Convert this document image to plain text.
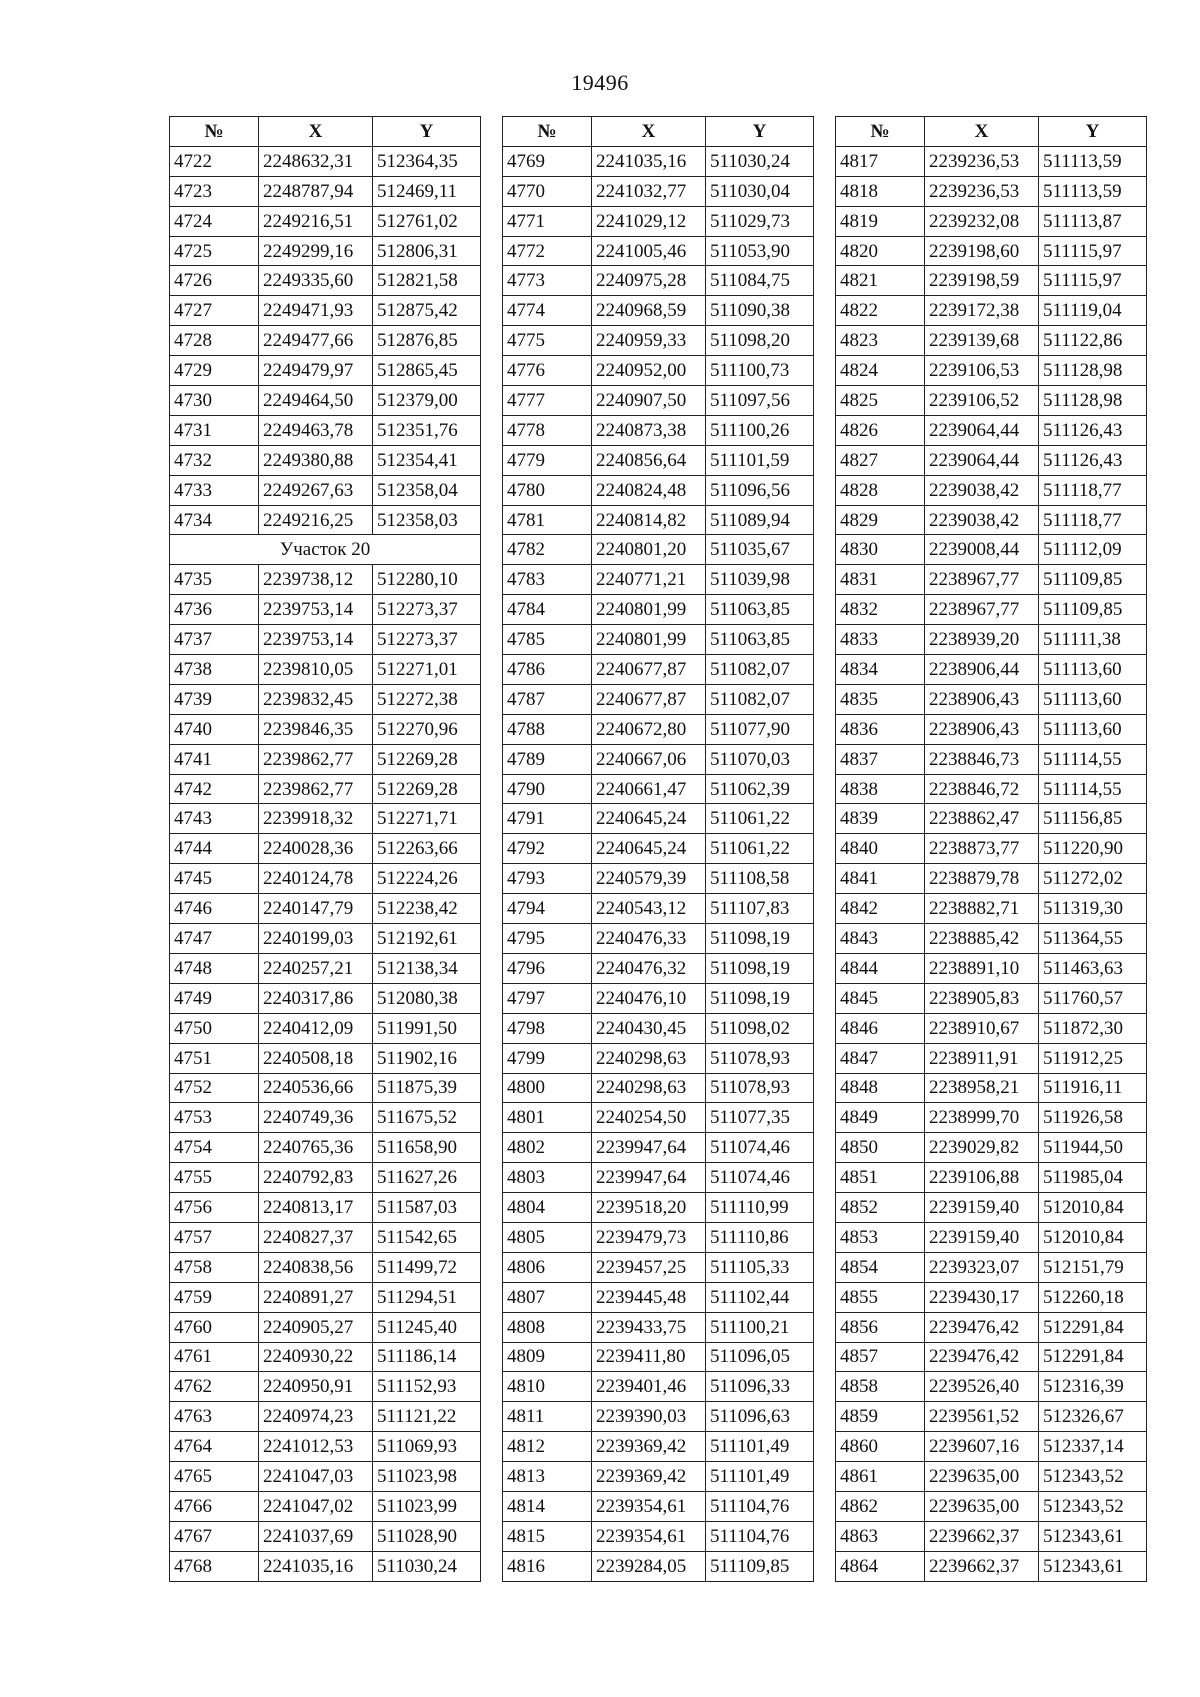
19496
№	X	Y
4722	2248632,31	512364,35
4723	2248787,94	512469,11
4724	2249216,51	512761,02
4725	2249299,16	512806,31
4726	2249335,60	512821,58
4727	2249471,93	512875,42
4728	2249477,66	512876,85
4729	2249479,97	512865,45
4730	2249464,50	512379,00
4731	2249463,78	512351,76
4732	2249380,88	512354,41
4733	2249267,63	512358,04
4734	2249216,25	512358,03
Участок 20		
4735	2239738,12	512280,10
4736	2239753,14	512273,37
4737	2239753,14	512273,37
4738	2239810,05	512271,01
4739	2239832,45	512272,38
4740	2239846,35	512270,96
4741	2239862,77	512269,28
4742	2239862,77	512269,28
4743	2239918,32	512271,71
4744	2240028,36	512263,66
4745	2240124,78	512224,26
4746	2240147,79	512238,42
4747	2240199,03	512192,61
4748	2240257,21	512138,34
4749	2240317,86	512080,38
4750	2240412,09	511991,50
4751	2240508,18	511902,16
4752	2240536,66	511875,39
4753	2240749,36	511675,52
4754	2240765,36	511658,90
4755	2240792,83	511627,26
4756	2240813,17	511587,03
4757	2240827,37	511542,65
4758	2240838,56	511499,72
4759	2240891,27	511294,51
4760	2240905,27	511245,40
4761	2240930,22	511186,14
4762	2240950,91	511152,93
4763	2240974,23	511121,22
4764	2241012,53	511069,93
4765	2241047,03	511023,98
4766	2241047,02	511023,99
4767	2241037,69	511028,90
4768	2241035,16	511030,24
№	X	Y
4769	2241035,16	511030,24
4770	2241032,77	511030,04
4771	2241029,12	511029,73
4772	2241005,46	511053,90
4773	2240975,28	511084,75
4774	2240968,59	511090,38
4775	2240959,33	511098,20
4776	2240952,00	511100,73
4777	2240907,50	511097,56
4778	2240873,38	511100,26
4779	2240856,64	511101,59
4780	2240824,48	511096,56
4781	2240814,82	511089,94
4782	2240801,20	511035,67
4783	2240771,21	511039,98
4784	2240801,99	511063,85
4785	2240801,99	511063,85
4786	2240677,87	511082,07
4787	2240677,87	511082,07
4788	2240672,80	511077,90
4789	2240667,06	511070,03
4790	2240661,47	511062,39
4791	2240645,24	511061,22
4792	2240645,24	511061,22
4793	2240579,39	511108,58
4794	2240543,12	511107,83
4795	2240476,33	511098,19
4796	2240476,32	511098,19
4797	2240476,10	511098,19
4798	2240430,45	511098,02
4799	2240298,63	511078,93
4800	2240298,63	511078,93
4801	2240254,50	511077,35
4802	2239947,64	511074,46
4803	2239947,64	511074,46
4804	2239518,20	511110,99
4805	2239479,73	511110,86
4806	2239457,25	511105,33
4807	2239445,48	511102,44
4808	2239433,75	511100,21
4809	2239411,80	511096,05
4810	2239401,46	511096,33
4811	2239390,03	511096,63
4812	2239369,42	511101,49
4813	2239369,42	511101,49
4814	2239354,61	511104,76
4815	2239354,61	511104,76
4816	2239284,05	511109,85
№	X	Y
4817	2239236,53	511113,59
4818	2239236,53	511113,59
4819	2239232,08	511113,87
4820	2239198,60	511115,97
4821	2239198,59	511115,97
4822	2239172,38	511119,04
4823	2239139,68	511122,86
4824	2239106,53	511128,98
4825	2239106,52	511128,98
4826	2239064,44	511126,43
4827	2239064,44	511126,43
4828	2239038,42	511118,77
4829	2239038,42	511118,77
4830	2239008,44	511112,09
4831	2238967,77	511109,85
4832	2238967,77	511109,85
4833	2238939,20	511111,38
4834	2238906,44	511113,60
4835	2238906,43	511113,60
4836	2238906,43	511113,60
4837	2238846,73	511114,55
4838	2238846,72	511114,55
4839	2238862,47	511156,85
4840	2238873,77	511220,90
4841	2238879,78	511272,02
4842	2238882,71	511319,30
4843	2238885,42	511364,55
4844	2238891,10	511463,63
4845	2238905,83	511760,57
4846	2238910,67	511872,30
4847	2238911,91	511912,25
4848	2238958,21	511916,11
4849	2238999,70	511926,58
4850	2239029,82	511944,50
4851	2239106,88	511985,04
4852	2239159,40	512010,84
4853	2239159,40	512010,84
4854	2239323,07	512151,79
4855	2239430,17	512260,18
4856	2239476,42	512291,84
4857	2239476,42	512291,84
4858	2239526,40	512316,39
4859	2239561,52	512326,67
4860	2239607,16	512337,14
4861	2239635,00	512343,52
4862	2239635,00	512343,52
4863	2239662,37	512343,61
4864	2239662,37	512343,61
